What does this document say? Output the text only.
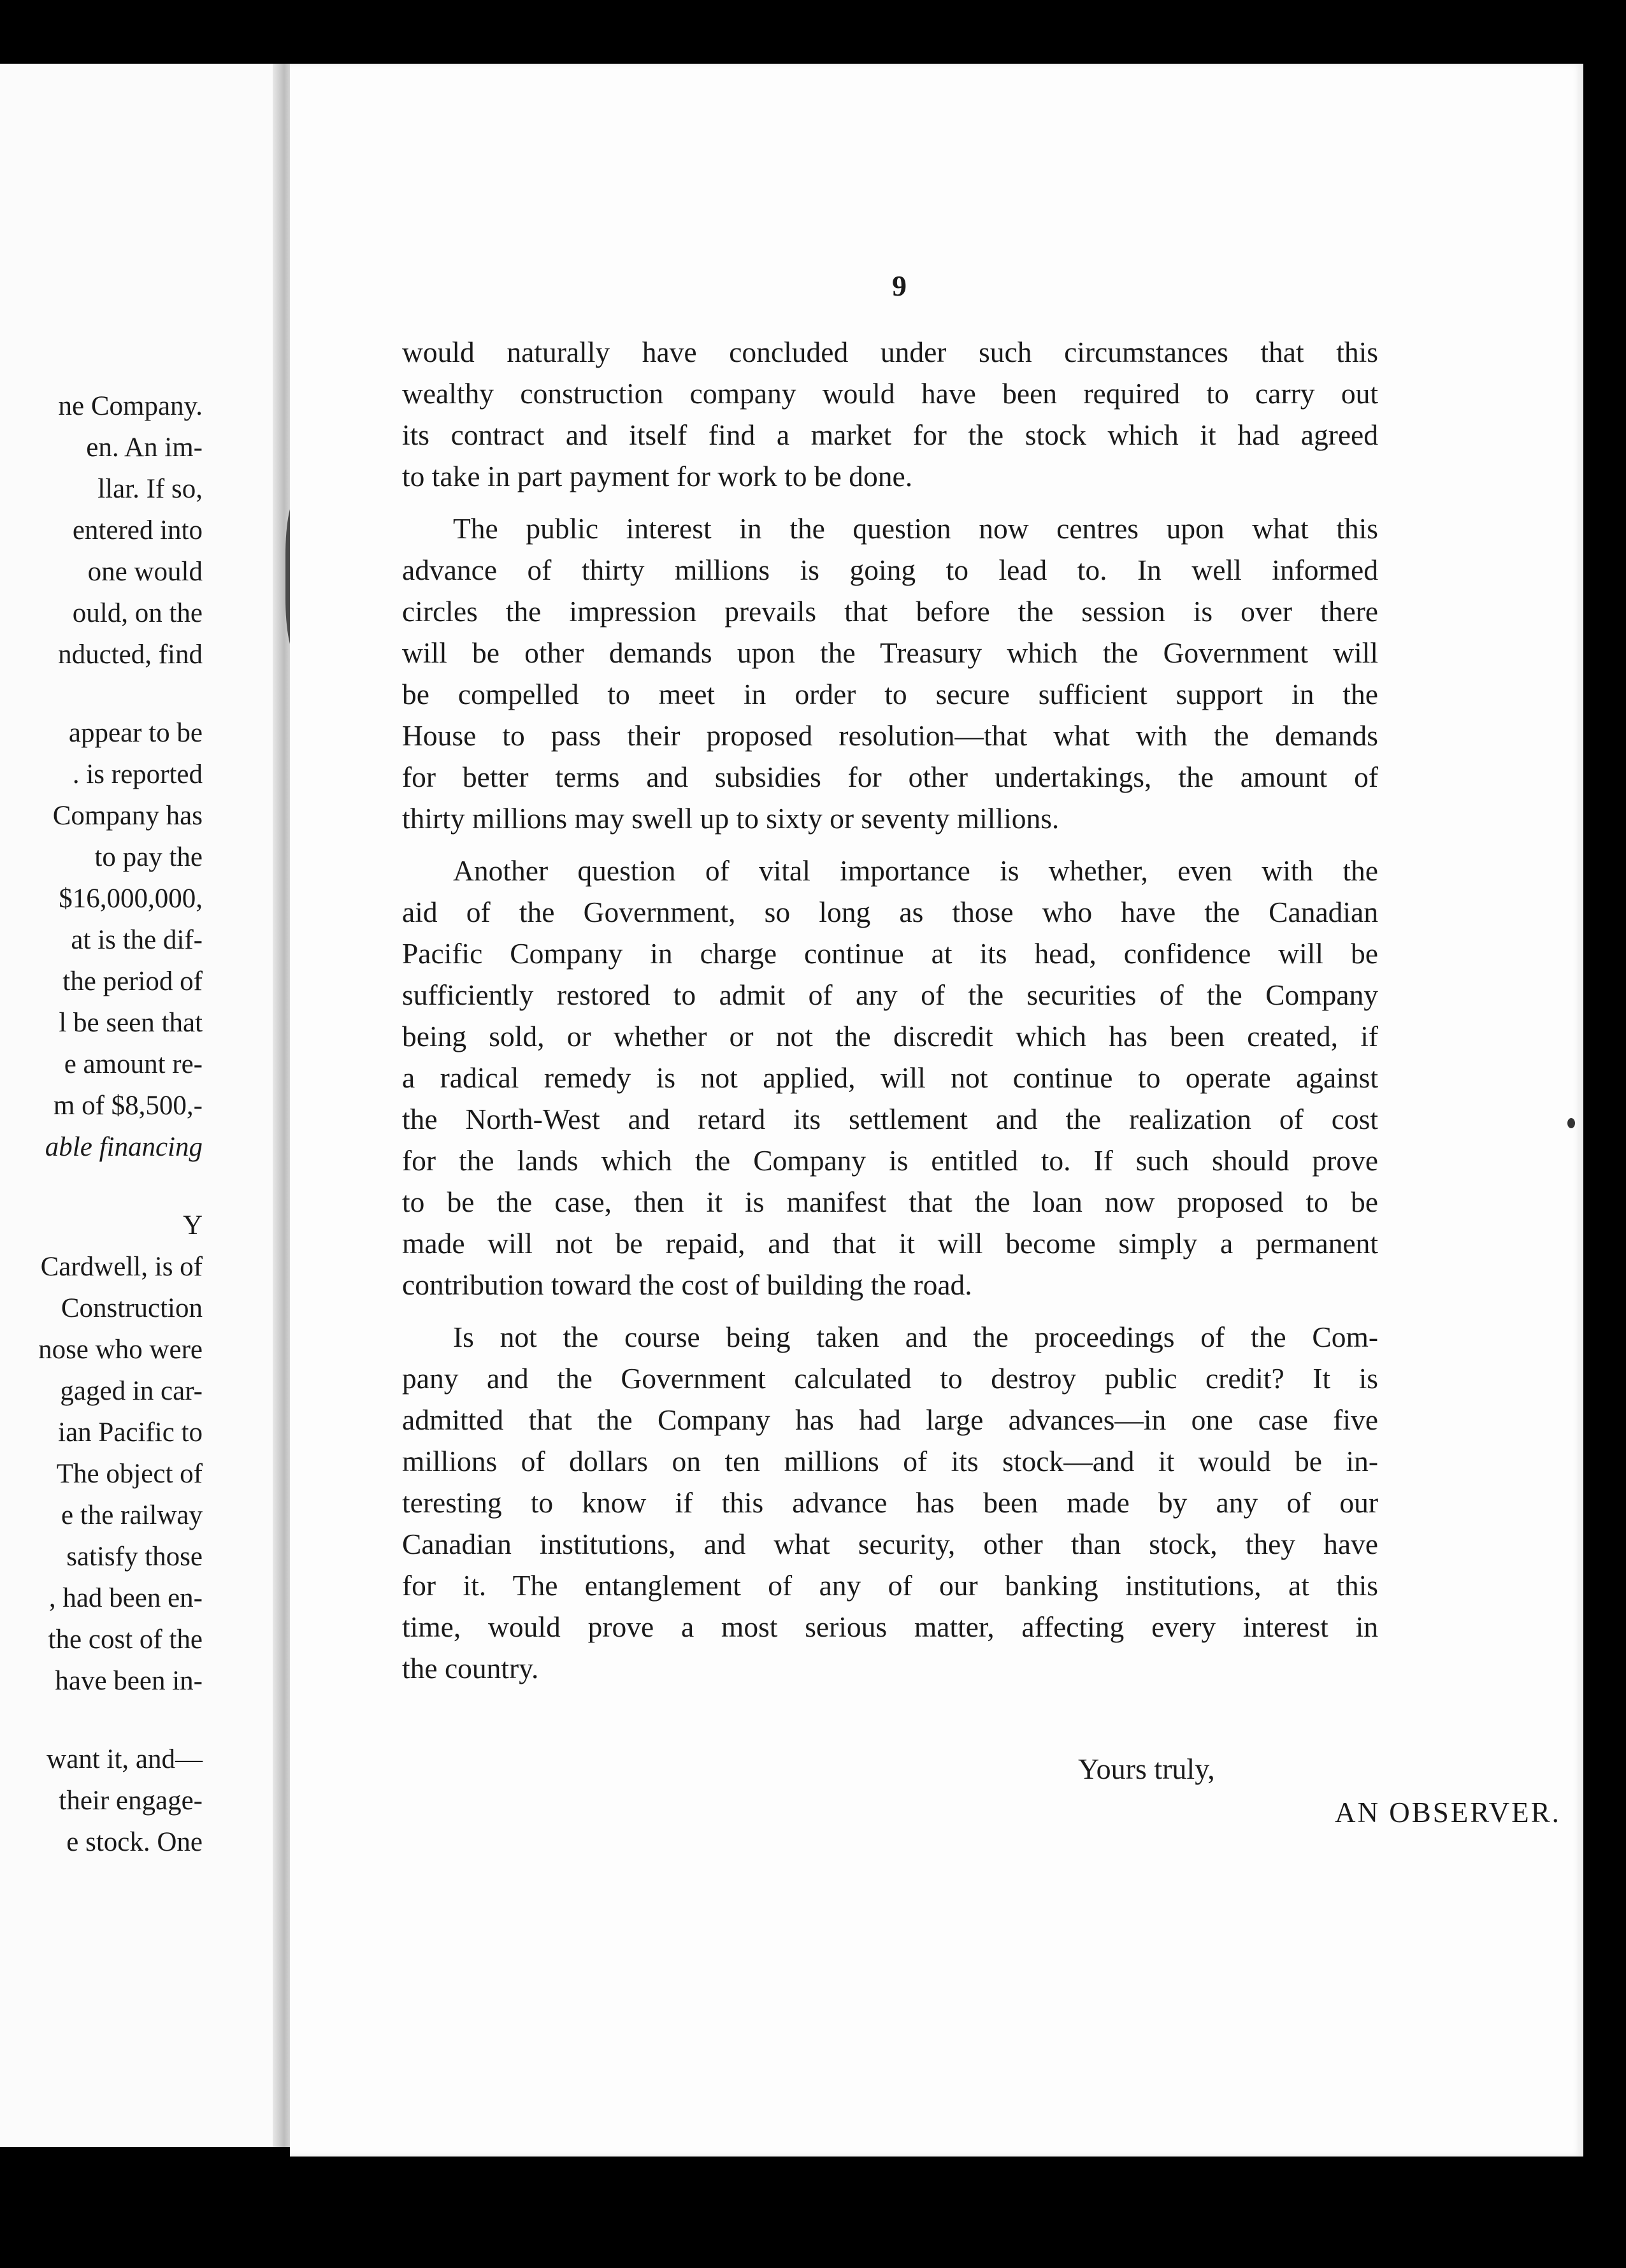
ne Company.
en. An im-
llar. If so,
entered into
one would
ould, on the
nducted, find
appear to be
. is reported
Company has
to pay the
$16,000,000,
at is the dif-
the period of
l be seen that
e amount re-
m of $8,500,-
able financing
Y
Cardwell, is of
Construction
nose who were
gaged in car-
ian Pacific to
The object of
e the railway
satisfy those
, had been en-
the cost of the
have been in-
want it, and—
their engage-
e stock. One
9
would naturally have concluded under such circumstances that this
wealthy construction company would have been required to carry out
its contract and itself find a market for the stock which it had agreed
to take in part payment for work to be done.
The public interest in the question now centres upon what this
advance of thirty millions is going to lead to. In well informed
circles the impression prevails that before the session is over there
will be other demands upon the Treasury which the Government will
be compelled to meet in order to secure sufficient support in the
House to pass their proposed resolution—that what with the demands
for better terms and subsidies for other undertakings, the amount of
thirty millions may swell up to sixty or seventy millions.
Another question of vital importance is whether, even with the
aid of the Government, so long as those who have the Canadian
Pacific Company in charge continue at its head, confidence will be
sufficiently restored to admit of any of the securities of the Company
being sold, or whether or not the discredit which has been created, if
a radical remedy is not applied, will not continue to operate against
the North-West and retard its settlement and the realization of cost
for the lands which the Company is entitled to. If such should prove
to be the case, then it is manifest that the loan now proposed to be
made will not be repaid, and that it will become simply a permanent
contribution toward the cost of building the road.
Is not the course being taken and the proceedings of the Com-
pany and the Government calculated to destroy public credit? It is
admitted that the Company has had large advances—in one case five
millions of dollars on ten millions of its stock—and it would be in-
teresting to know if this advance has been made by any of our
Canadian institutions, and what security, other than stock, they have
for it. The entanglement of any of our banking institutions, at this
time, would prove a most serious matter, affecting every interest in
the country.
Yours truly,
AN OBSERVER.
